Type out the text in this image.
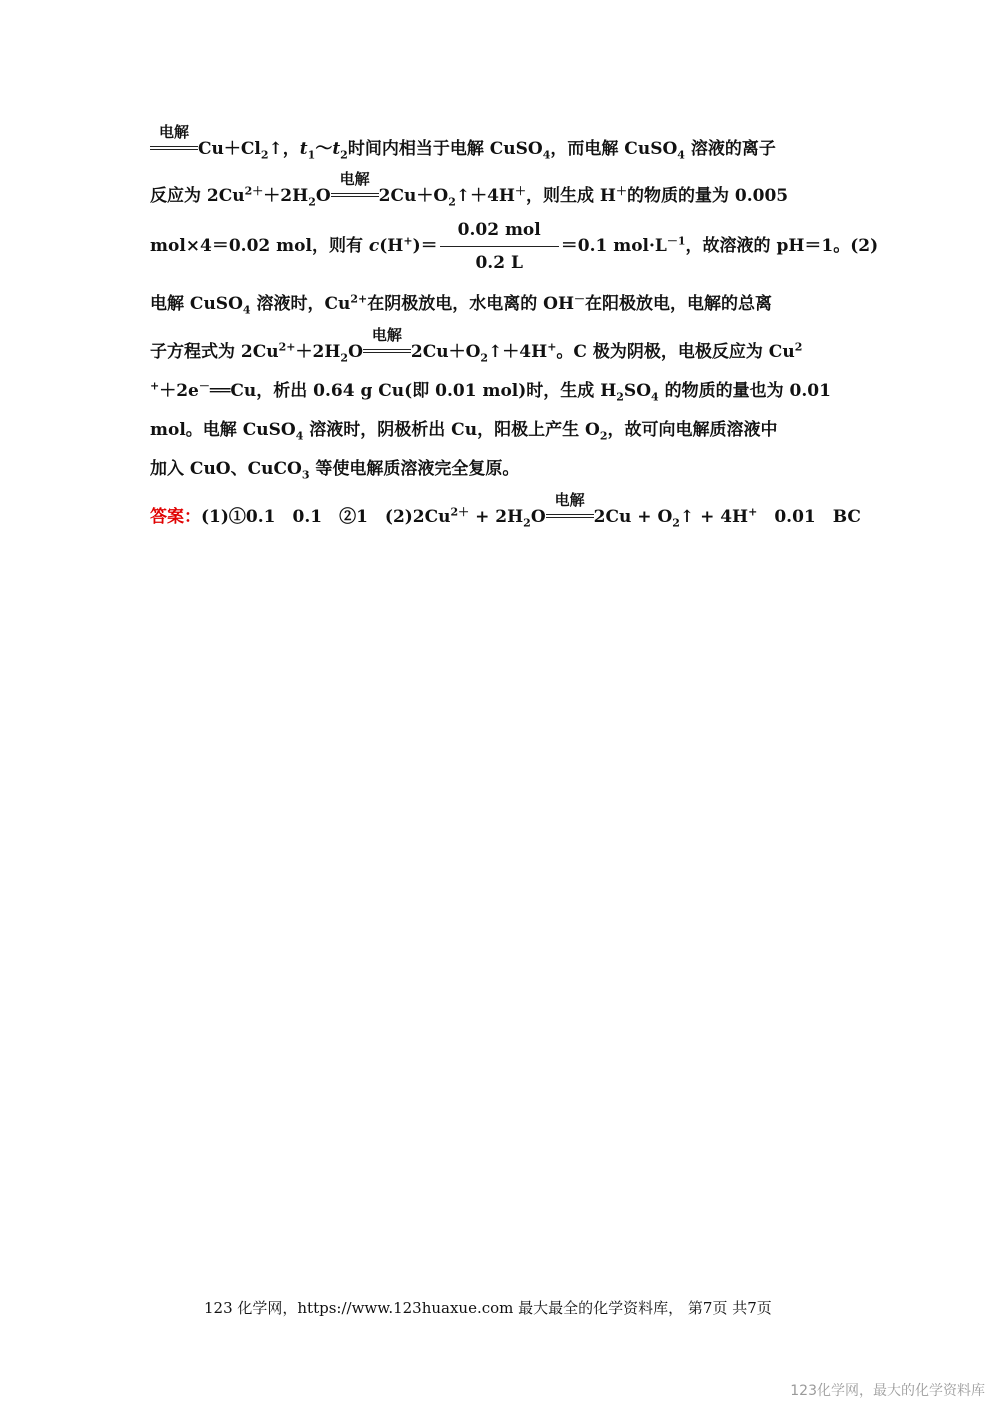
电解
$Cu+Cl_2↑$，$t_1\sim t_2$时间内相当于电解 CuSO$_4$，而电解 CuSO$_4$ 溶液的离子
反应为 $2Cu^{2+}+2H_2O$
电解
$2Cu+O_2↑+4H^+$，则生成 H＋的物质的量为 0.005
mol×4＝0.02 mol，则有 $c(H^+)= \frac{\text{0.02 mol}}{0.2 L} =0.1$ $mol\cdot L^{-1}$，故溶液的 pH＝1。(2)
电解 CuSO$_4$ 溶液时，$Cu^{2+}$在阴极放电，水电离的 OH－在阳极放电，电解的总离
子方程式为 $2Cu^{2+}+2H_2O$
电解
$2Cu+O_2↑+4H^+$。C 极为阴极，电极反应为 Cu$^2$
+＋2e－══Cu，析出 0.64 g Cu(即 0.01 mol)时，生成 $H_2SO_4$ 的物质的量也为 0.01
mol。电解 CuSO$_4$ 溶液时，阴极析出 Cu，阳极上产生 $O_2$，故可向电解质溶液中
加入 CuO、CuCO$_3$ 等使电解质溶液完全复原。
答案：(1)①0.1　0.1　②1　$(2)2Cu^{2+} + 2H_2O$
电解
$2Cu + O_2↑ + 4H^+$　0.01　BC
123 化学网，https://www.123huaxue.com 最大最全的化学资料库， 第7页 共7页
123化学网，最大的化学资料库
